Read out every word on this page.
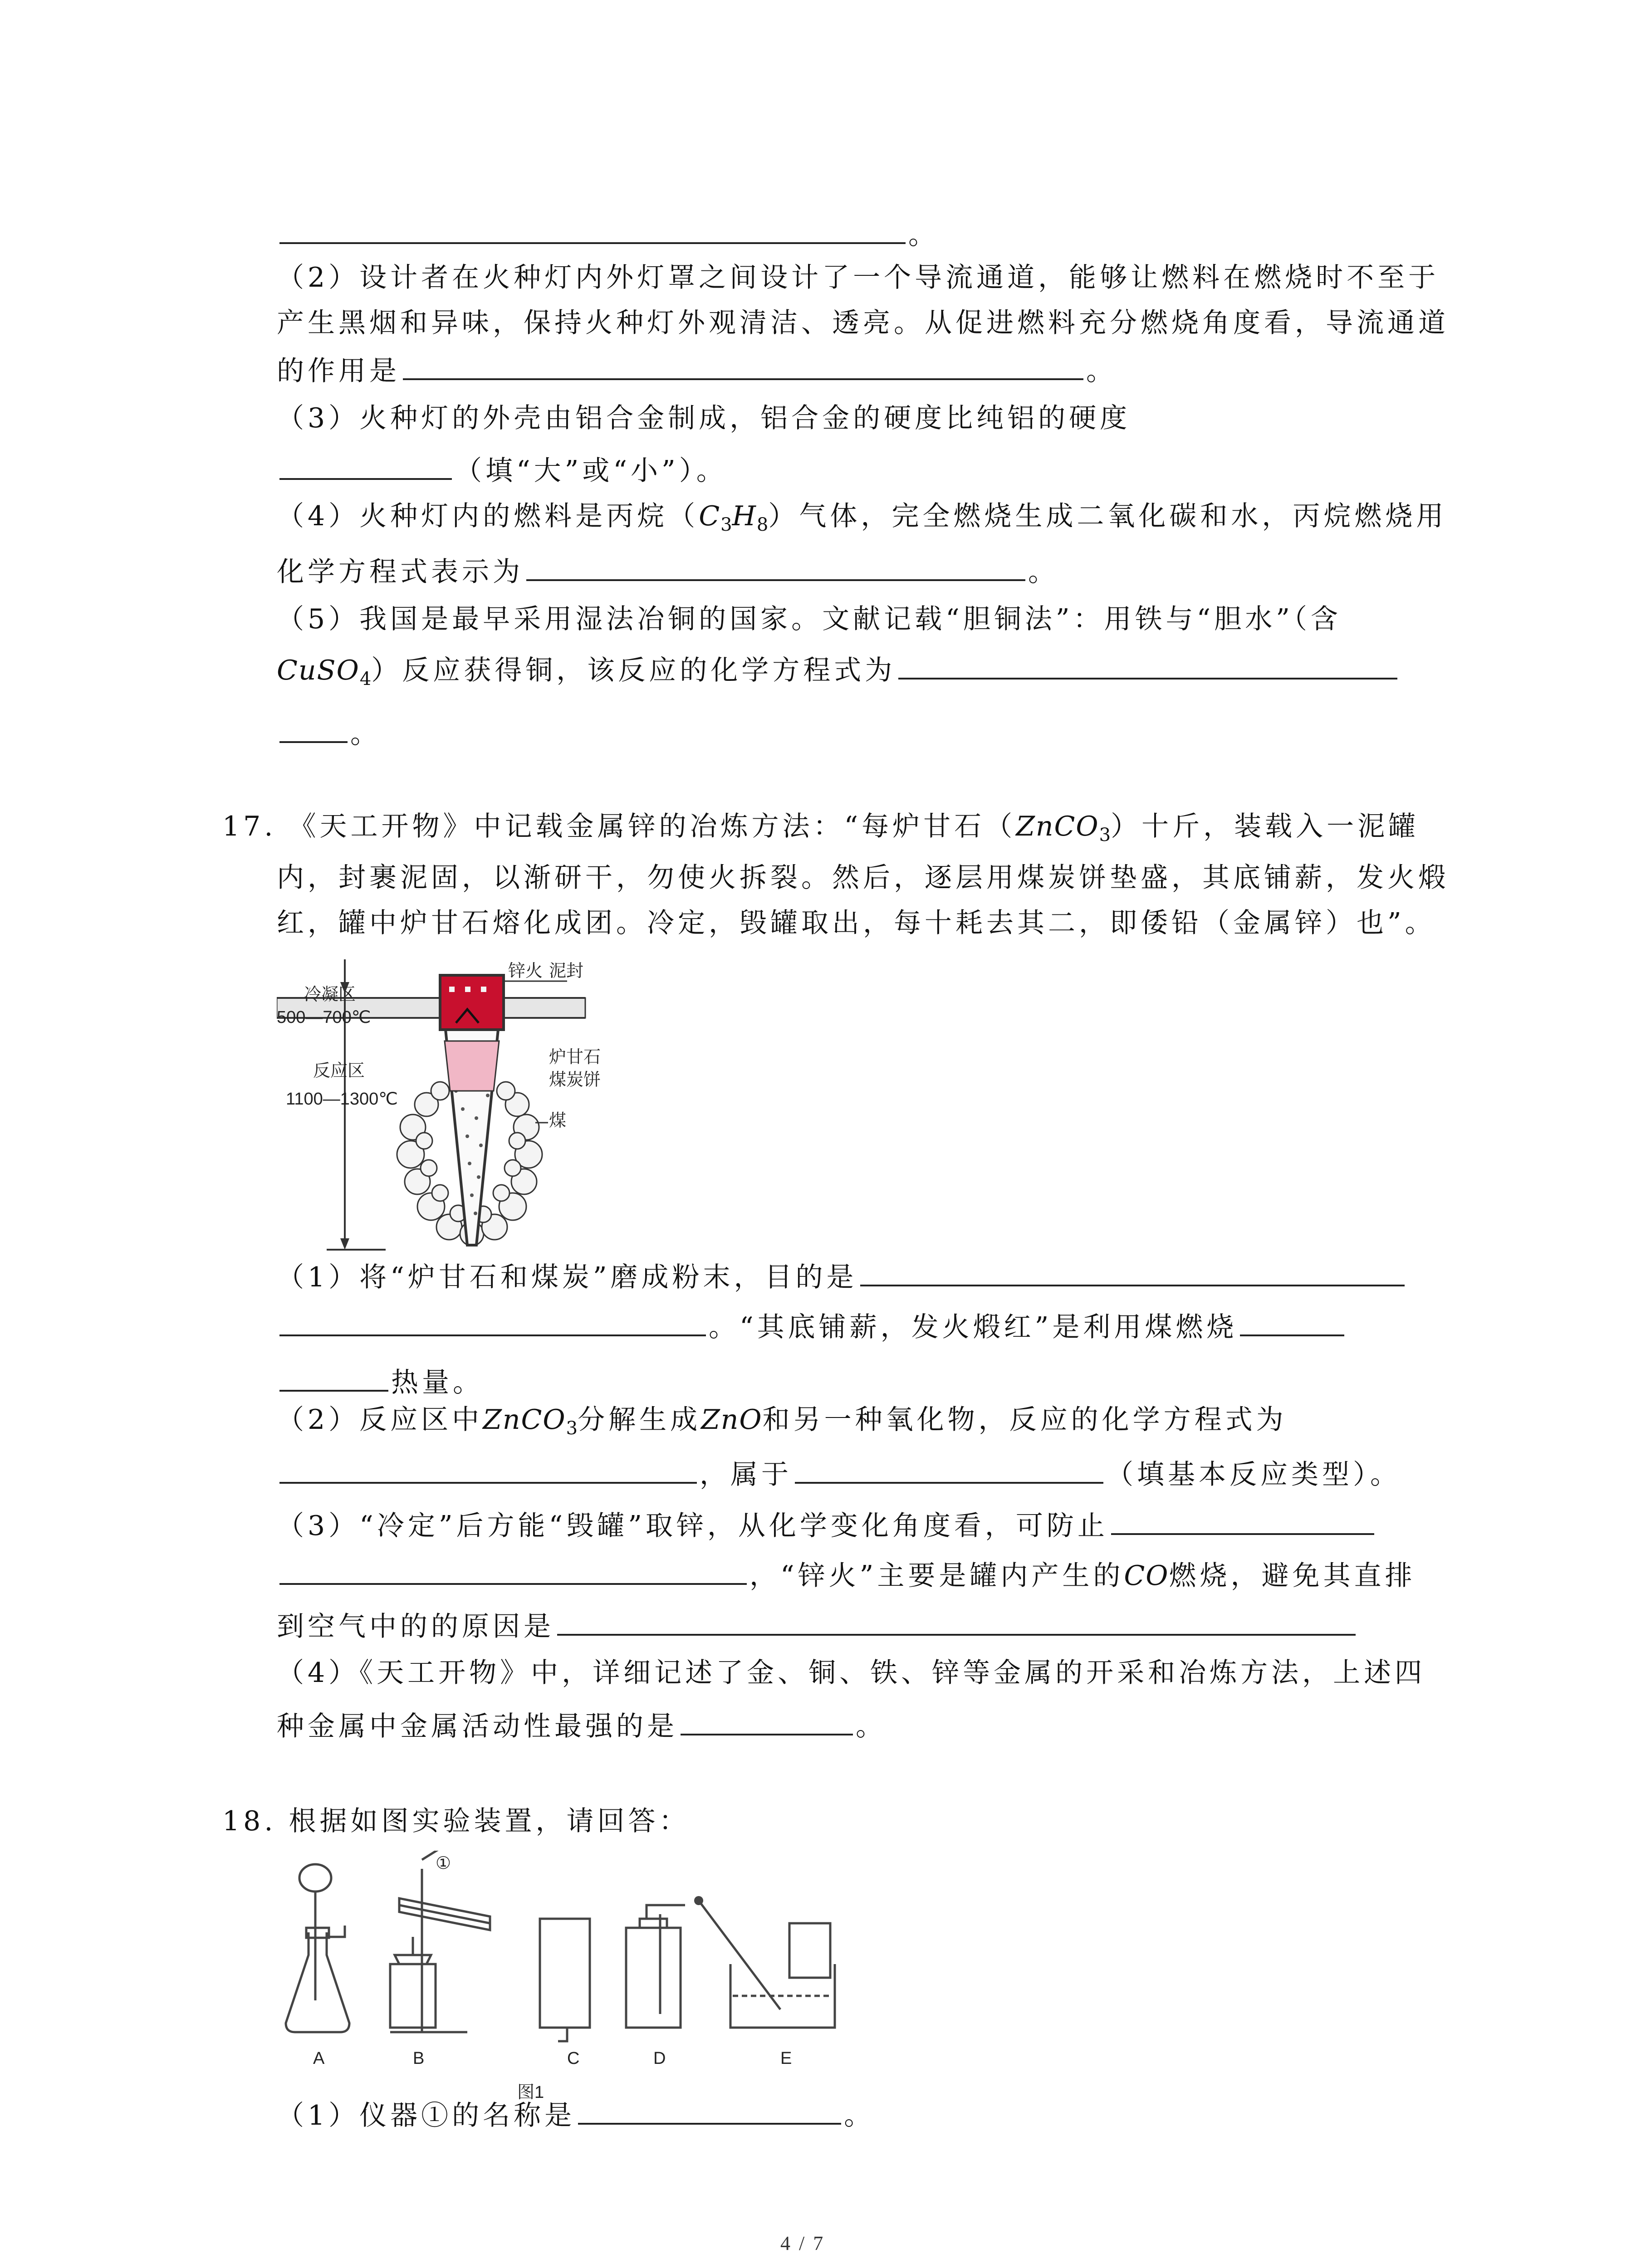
。
（2）设计者在火种灯内外灯罩之间设计了一个导流通道，能够让燃料在燃烧时不至于
产生黑烟和异味，保持火种灯外观清洁、透亮。从促进燃料充分燃烧角度看，导流通道
的作用是	。
（3）火种灯的外壳由铝合金制成，铝合金的硬度比纯铝的硬度
（填“大”或“小”）。
（4）火种灯内的燃料是丙烷$(C_3H_8)$气体，完全燃烧生成二氧化碳和水，丙烷燃烧用
化学方程式表示为	。
（5）我国是最早采用湿法冶铜的国家。文献记载“胆铜法”：用铁与“胆水”（含
CuSO$_4$）反应获得铜，该反应的化学方程式为
。
17. 《天工开物》中记载金属锌的冶炼方法：“每炉甘石（ZnCO$_3$）十斤，装载入一泥罐
内，封裹泥固，以渐研干，勿使火拆裂。然后，逐层用煤炭饼垫盛，其底铺薪，发火煅
红，罐中炉甘石熔化成团。冷定，毁罐取出，每十耗去其二，即倭铅（金属锌）也”。
锌火 泥封
冷凝区
500—700℃
反应区
1100—1300℃
炉甘石
煤炭饼
煤
（1）将“炉甘石和煤炭”磨成粉末，目的是
。“其底铺薪，发火煅红”是利用煤燃烧
热量。
（2）反应区中ZnCO$_3$分解生成ZnO和另一种氧化物，反应的化学方程式为
，属于	（填基本反应类型）。
（3）“冷定”后方能“毁罐”取锌，从化学变化角度看，可防止
，“锌火”主要是罐内产生的CO燃烧，避免其直排
到空气中的的原因是
（4）《天工开物》中，详细记述了金、铜、铁、锌等金属的开采和冶炼方法，上述四
种金属中金属活动性最强的是	。
18. 根据如图实验装置，请回答：
①
A	B	C	D	E
图1
（1）仪器①的名称是	。
4 / 7
